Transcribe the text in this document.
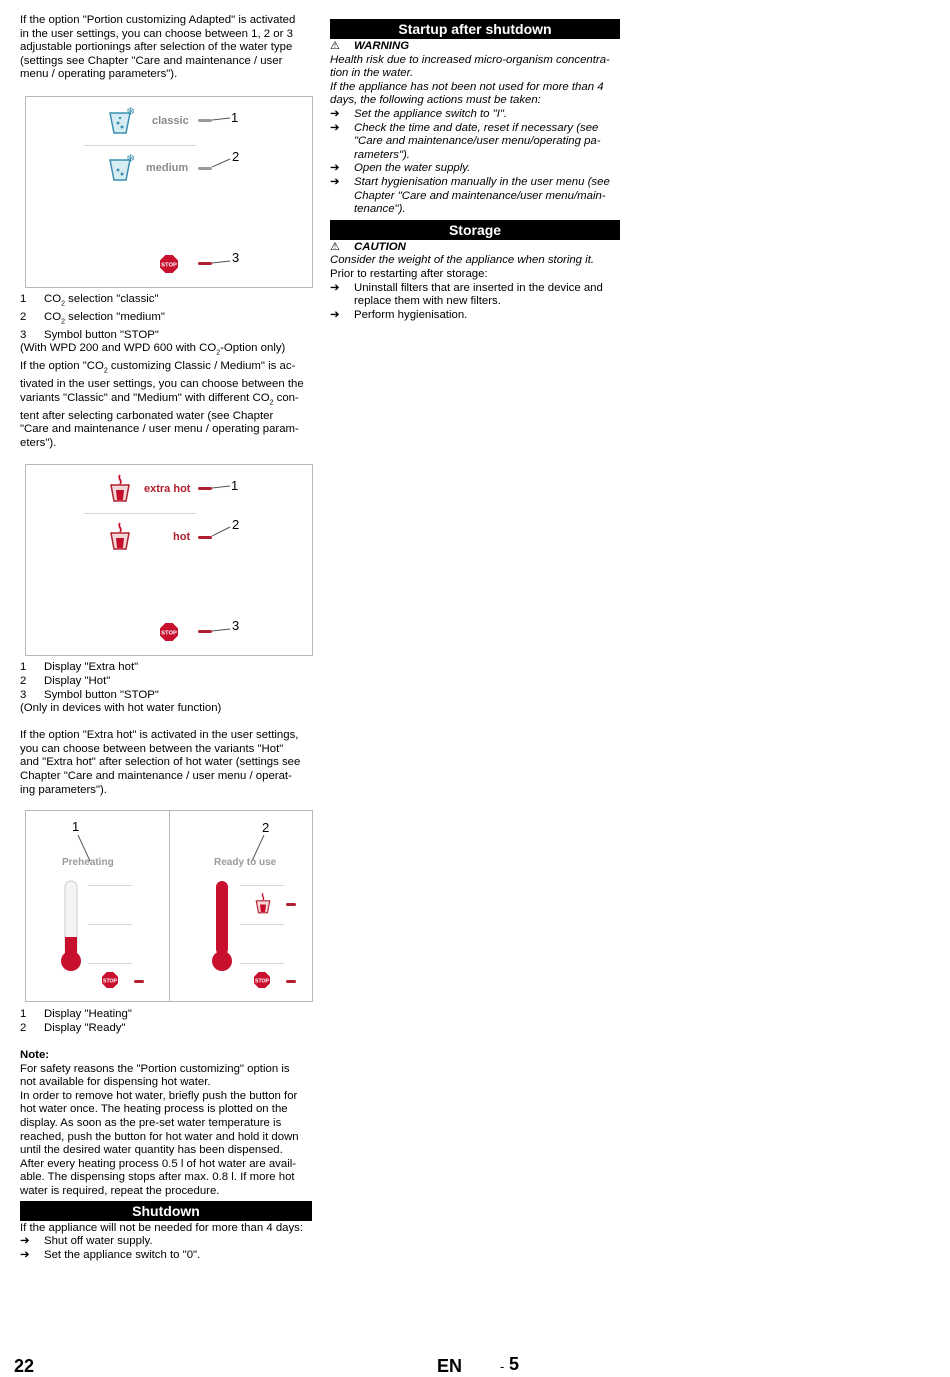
If the option "Portion customizing Adapted" is activated

in the user settings, you can choose between 1, 2 or 3

adjustable portionings after selection of the water type

(settings see Chapter "Care and maintenance / user

menu / operating parameters").

❄
classic	1
❄
medium
2
STOP
3
1	$CO_2$ selection "classic"
2	$CO_2$ selection "medium"
3	Symbol button "STOP"

(With WPD 200 and WPD 600 with $CO_2$-Option only)

If the option "$CO_2$ customizing Classic / Medium" is ac-

tivated in the user settings, you can choose between the

variants "Classic" and "Medium" with different $CO_2$ con-

tent after selecting carbonated water (see Chapter

"Care and maintenance / user menu / operating param-

eters").

extra hot	1
hot
2
STOP
3
1	Display "Extra hot"
2	Display "Hot"
3	Symbol button "STOP"

(Only in devices with hot water function)

If the option "Extra hot" is activated in the user settings,

you can choose between between the variants "Hot"

and "Extra hot" after selection of hot water (settings see

Chapter "Care and maintenance / user menu / operat-

ing parameters").

1
Preheating
STOP
2
Ready to use
STOP
1	Display "Heating"
2	Display "Ready"

Note:

For safety reasons the "Portion customizing" option is

not available for dispensing hot water.

In order to remove hot water, briefly push the button for

hot water once. The heating process is plotted on the

display. As soon as the pre-set water temperature is

reached, push the button for hot water and hold it down

until the desired water quantity has been dispensed.

After every heating process 0.5 l of hot water are avail-

able. The dispensing stops after max. 0.8 l. If more hot

water is required, repeat the procedure.

Shutdown

If the appliance will not be needed for more than 4 days:

➔	Shut off water supply.
➔	Set the appliance switch to "0".
Startup after shutdown
⚠	WARNING

Health risk due to increased micro-organism concentra-

tion in the water.

If the appliance has not been not used for more than 4

days, the following actions must be taken:

➔	Set the appliance switch to "I".
➔	Check the time and date, reset if necessary (see
"Care and maintenance/user menu/operating pa-
rameters").
➔	Open the water supply.
➔	Start hygienisation manually in the user menu (see
Chapter "Care and maintenance/user menu/main-
tenance").
Storage
⚠	CAUTION

Consider the weight of the appliance when storing it.

Prior to restarting after storage:

➔	Uninstall filters that are inserted in the device and
replace them with new filters.
➔	Perform hygienisation.
22	EN	- 5
